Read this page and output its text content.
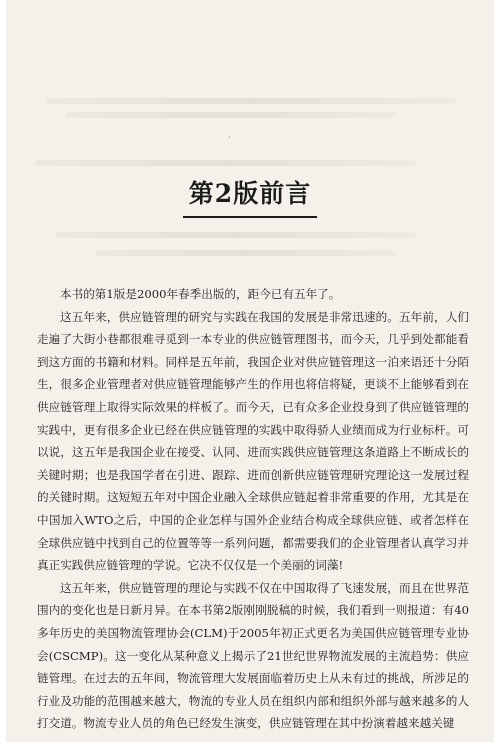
·
第2版前言

本书的第1版是2000年春季出版的，距今已有五年了。

这五年来，供应链管理的研究与实践在我国的发展是非常迅速的。五年前，人们走遍了大街小巷都很难寻觅到一本专业的供应链管理图书，而今天，几乎到处都能看到这方面的书籍和材料。同样是五年前，我国企业对供应链管理这一泊来语还十分陌生，很多企业管理者对供应链管理能够产生的作用也将信将疑，更谈不上能够看到在供应链管理上取得实际效果的样板了。而今天，已有众多企业投身到了供应链管理的实践中，更有很多企业已经在供应链管理的实践中取得骄人业绩而成为行业标杆。可以说，这五年是我国企业在接受、认同、进而实践供应链管理这条道路上不断成长的关键时期；也是我国学者在引进、跟踪、进而创新供应链管理研究理论这一发展过程的关键时期。这短短五年对中国企业融入全球供应链起着非常重要的作用，尤其是在中国加入WTO之后，中国的企业怎样与国外企业结合构成全球供应链、或者怎样在全球供应链中找到自己的位置等等一系列问题，都需要我们的企业管理者认真学习并真正实践供应链管理的学说。它决不仅仅是一个美丽的词藻!

这五年来，供应链管理的理论与实践不仅在中国取得了飞速发展，而且在世界范围内的变化也是日新月异。在本书第2版刚刚脱稿的时候，我们看到一则报道：有40多年历史的美国物流管理协会(CLM)于2005年初正式更名为美国供应链管理专业协会(CSCMP)。这一变化从某种意义上揭示了21世纪世界物流发展的主流趋势：供应链管理。在过去的五年间，物流管理大发展面临着历史上从未有过的挑战，所涉足的行业及功能的范围越来越大，物流的专业人员在组织内部和组织外部与越来越多的人打交道。物流专业人员的角色已经发生演变，供应链管理在其中扮演着越来越关键
